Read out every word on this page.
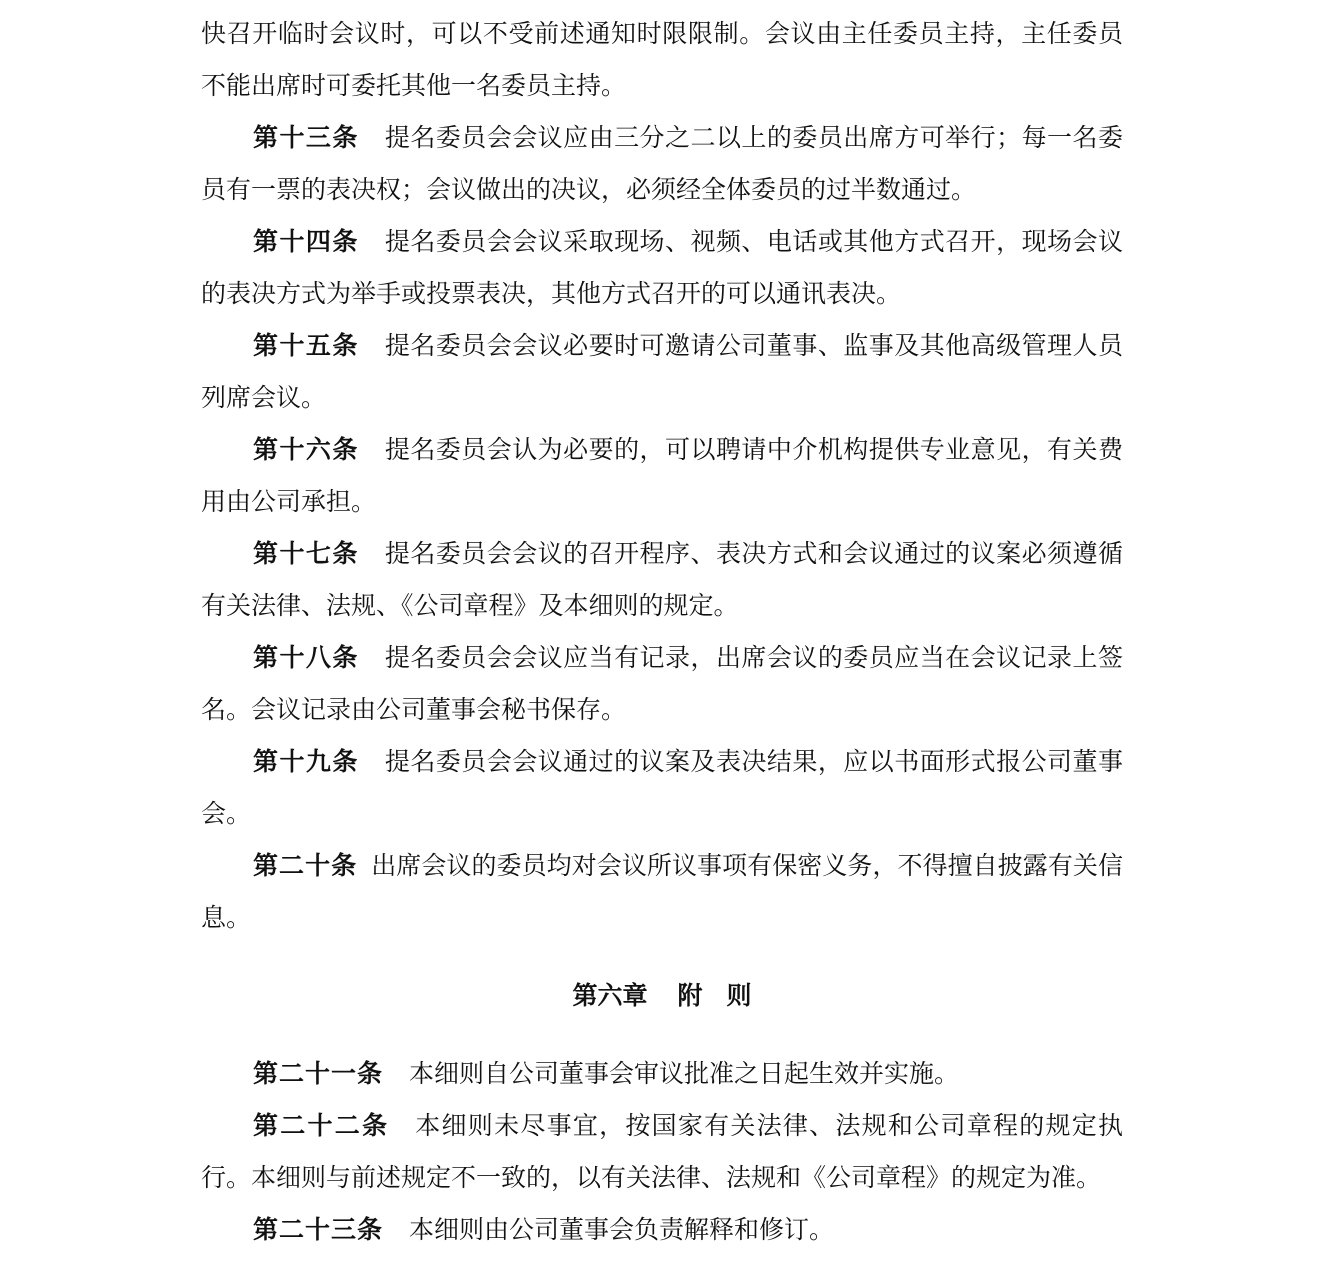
快召开临时会议时，可以不受前述通知时限限制。会议由主任委员主持，主任委员不能出席时可委托其他一名委员主持。

第十三条 提名委员会会议应由三分之二以上的委员出席方可举行；每一名委员有一票的表决权；会议做出的决议，必须经全体委员的过半数通过。

第十四条 提名委员会会议采取现场、视频、电话或其他方式召开，现场会议的表决方式为举手或投票表决，其他方式召开的可以通讯表决。

第十五条 提名委员会会议必要时可邀请公司董事、监事及其他高级管理人员列席会议。

第十六条 提名委员会认为必要的，可以聘请中介机构提供专业意见，有关费用由公司承担。

第十七条 提名委员会会议的召开程序、表决方式和会议通过的议案必须遵循有关法律、法规、《公司章程》及本细则的规定。

第十八条 提名委员会会议应当有记录，出席会议的委员应当在会议记录上签名。会议记录由公司董事会秘书保存。

第十九条 提名委员会会议通过的议案及表决结果，应以书面形式报公司董事会。

第二十条 出席会议的委员均对会议所议事项有保密义务，不得擅自披露有关信息。

第六章 附 则

第二十一条 本细则自公司董事会审议批准之日起生效并实施。

第二十二条 本细则未尽事宜，按国家有关法律、法规和公司章程的规定执行。本细则与前述规定不一致的，以有关法律、法规和《公司章程》的规定为准。

第二十三条 本细则由公司董事会负责解释和修订。
